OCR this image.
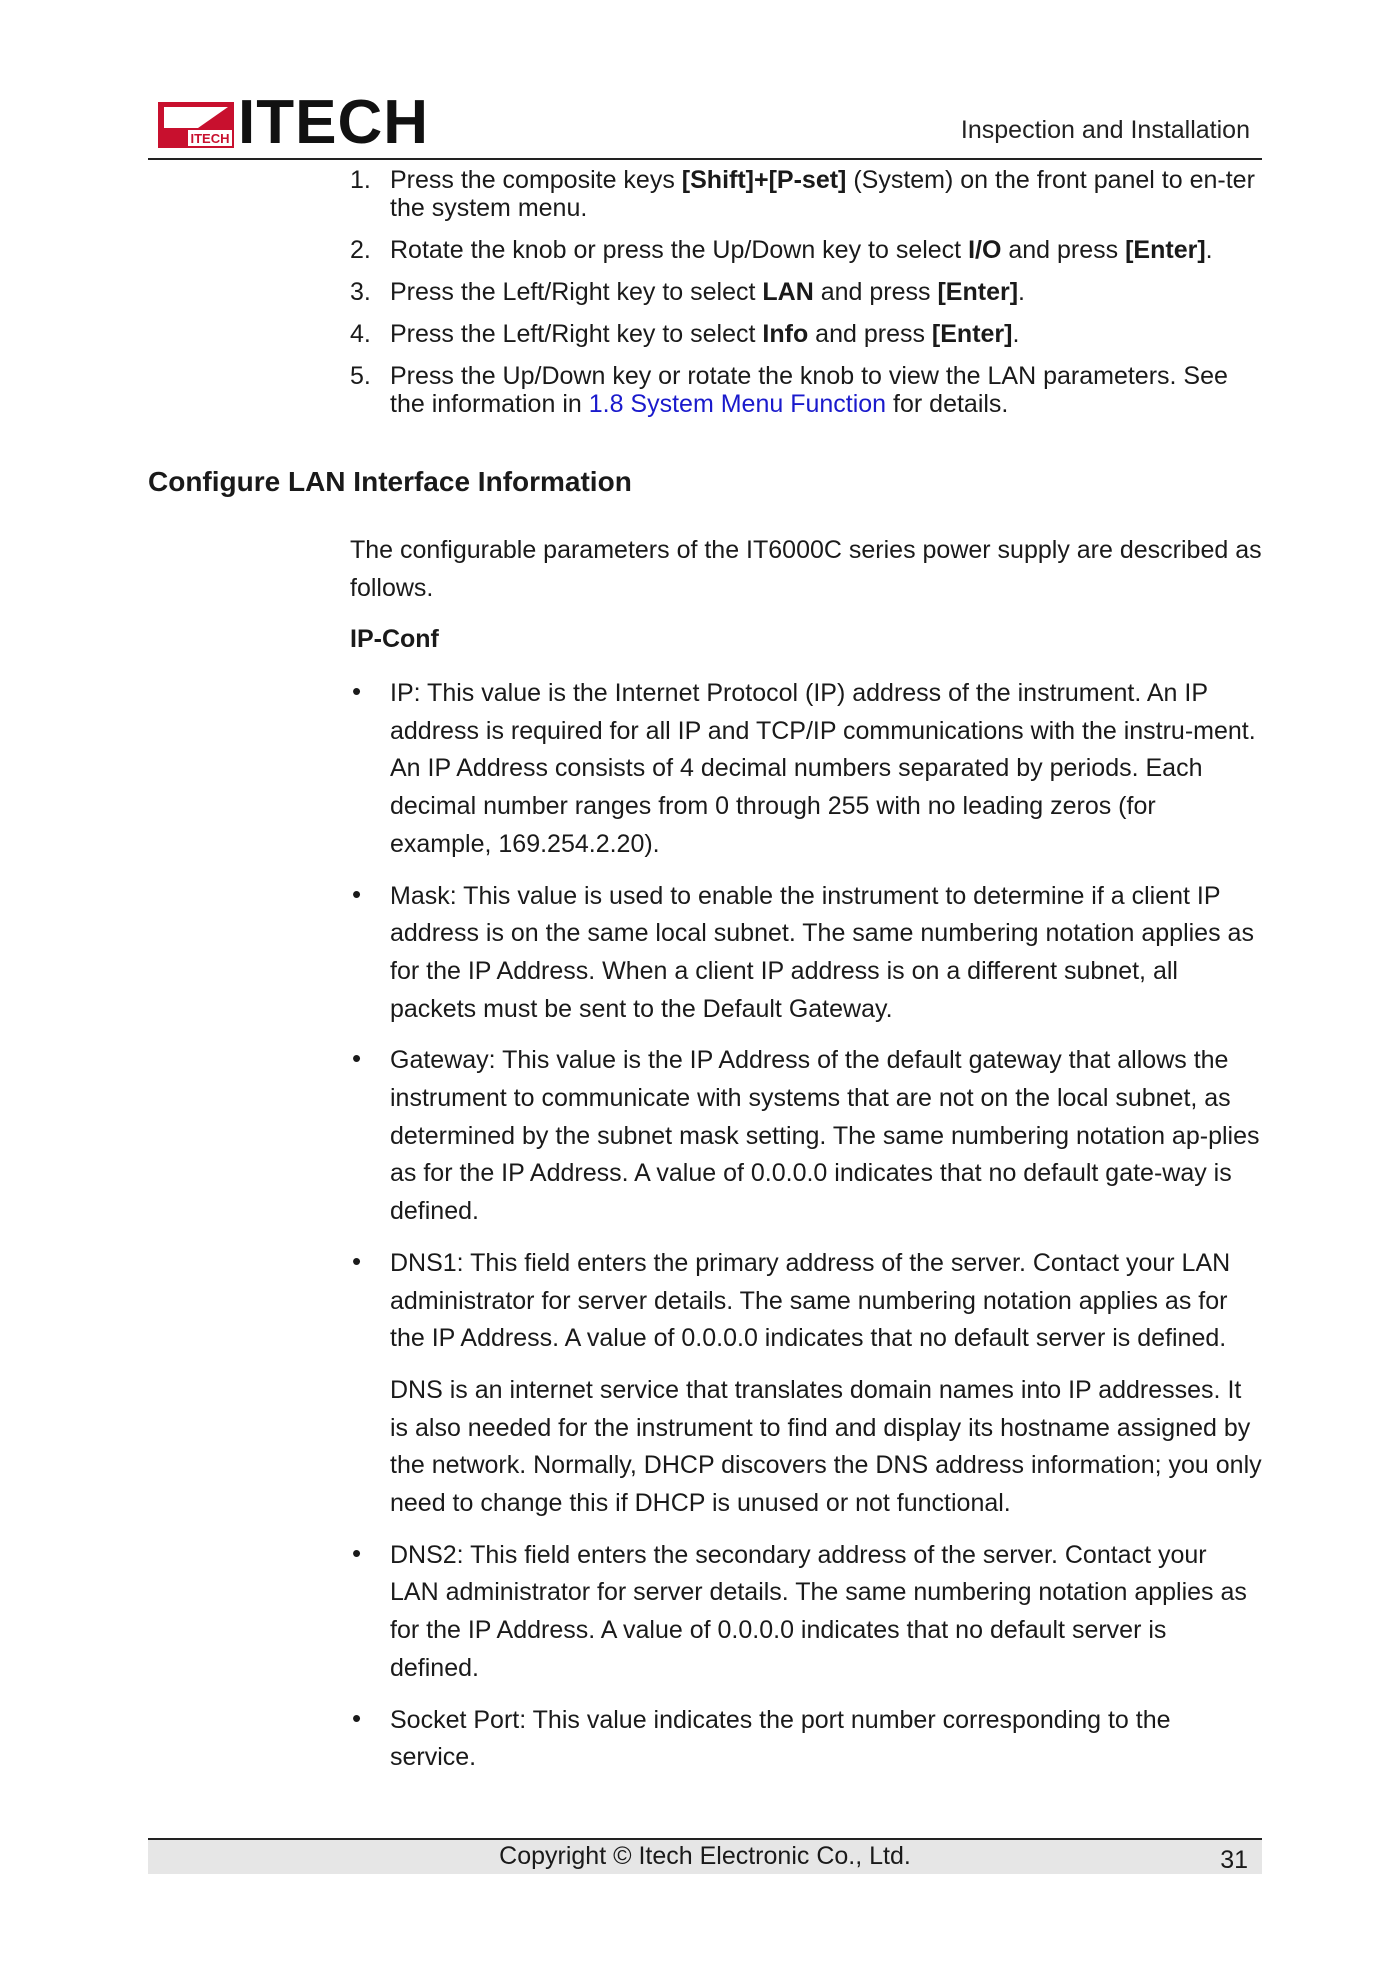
ITECH ITECH	Inspection and Installation
1. Press the composite keys [Shift]+[P-set] (System) on the front panel to en-ter the system menu.
2. Rotate the knob or press the Up/Down key to select I/O and press [Enter].
3. Press the Left/Right key to select LAN and press [Enter].
4. Press the Left/Right key to select Info and press [Enter].
5. Press the Up/Down key or rotate the knob to view the LAN parameters. See the information in 1.8 System Menu Function for details.
Configure LAN Interface Information

The configurable parameters of the IT6000C series power supply are described as follows.

IP-Conf

• IP: This value is the Internet Protocol (IP) address of the instrument. An IP address is required for all IP and TCP/IP communications with the instru-ment. An IP Address consists of 4 decimal numbers separated by periods. Each decimal number ranges from 0 through 255 with no leading zeros (for example, 169.254.2.20).
• Mask: This value is used to enable the instrument to determine if a client IP address is on the same local subnet. The same numbering notation applies as for the IP Address. When a client IP address is on a different subnet, all packets must be sent to the Default Gateway.
• Gateway: This value is the IP Address of the default gateway that allows the instrument to communicate with systems that are not on the local subnet, as determined by the subnet mask setting. The same numbering notation ap-plies as for the IP Address. A value of 0.0.0.0 indicates that no default gate-way is defined.
• DNS1: This field enters the primary address of the server. Contact your LAN administrator for server details. The same numbering notation applies as for the IP Address. A value of 0.0.0.0 indicates that no default server is defined.

DNS is an internet service that translates domain names into IP addresses. It is also needed for the instrument to find and display its hostname assigned by the network. Normally, DHCP discovers the DNS address information; you only need to change this if DHCP is unused or not functional.

• DNS2: This field enters the secondary address of the server. Contact your LAN administrator for server details. The same numbering notation applies as for the IP Address. A value of 0.0.0.0 indicates that no default server is defined.
• Socket Port: This value indicates the port number corresponding to the service.
Copyright © Itech Electronic Co., Ltd.	31
